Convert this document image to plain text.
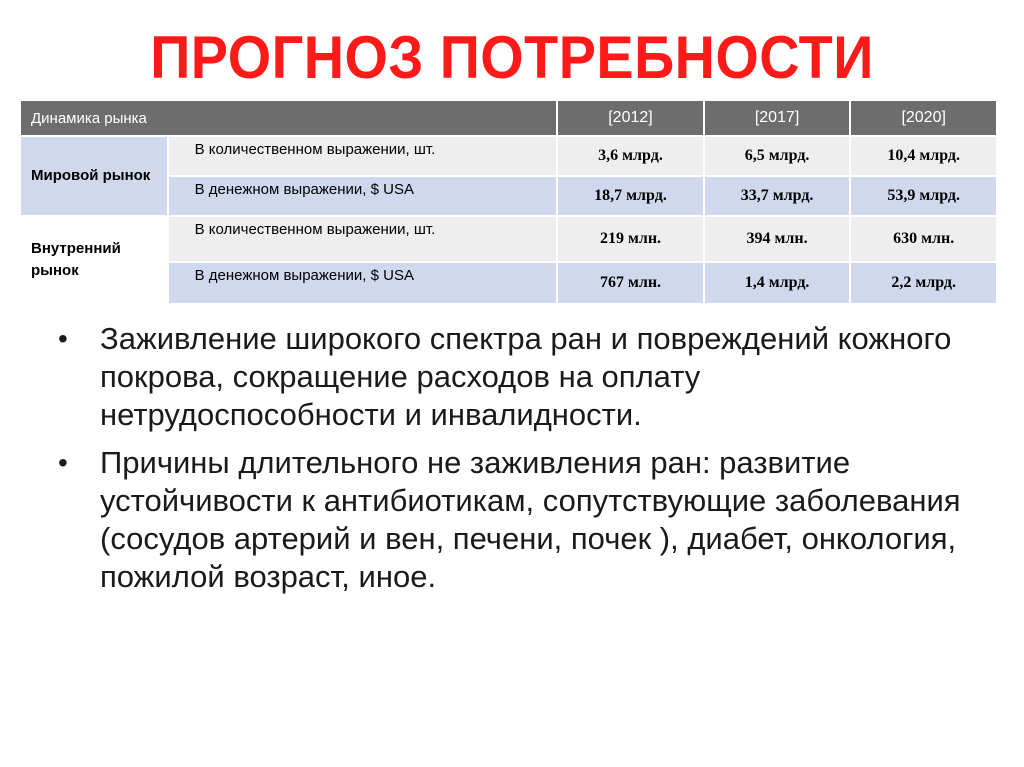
ПРОГНОЗ ПОТРЕБНОСТИ
Динамика рынка		[2012]	[2017]	[2020]
Мировой рынок	В количественном выражении, шт.	3,6 млрд.	6,5 млрд.	10,4 млрд.
	В денежном выражении, $ USA	18,7 млрд.	33,7 млрд.	53,9 млрд.
Внутренний рынок	В количественном выражении, шт.	219 млн.	394 млн.	630 млн.
	В денежном выражении, $ USA	767 млн.	1,4 млрд.	2,2 млрд.
• Заживление широкого спектра ран и повреждений кожного покрова, сокращение расходов на оплату нетрудоспособности и инвалидности.
• Причины длительного не заживления ран: развитие устойчивости к антибиотикам, сопутствующие заболевания (сосудов артерий и вен, печени, почек ), диабет, онкология, пожилой возраст, иное.
